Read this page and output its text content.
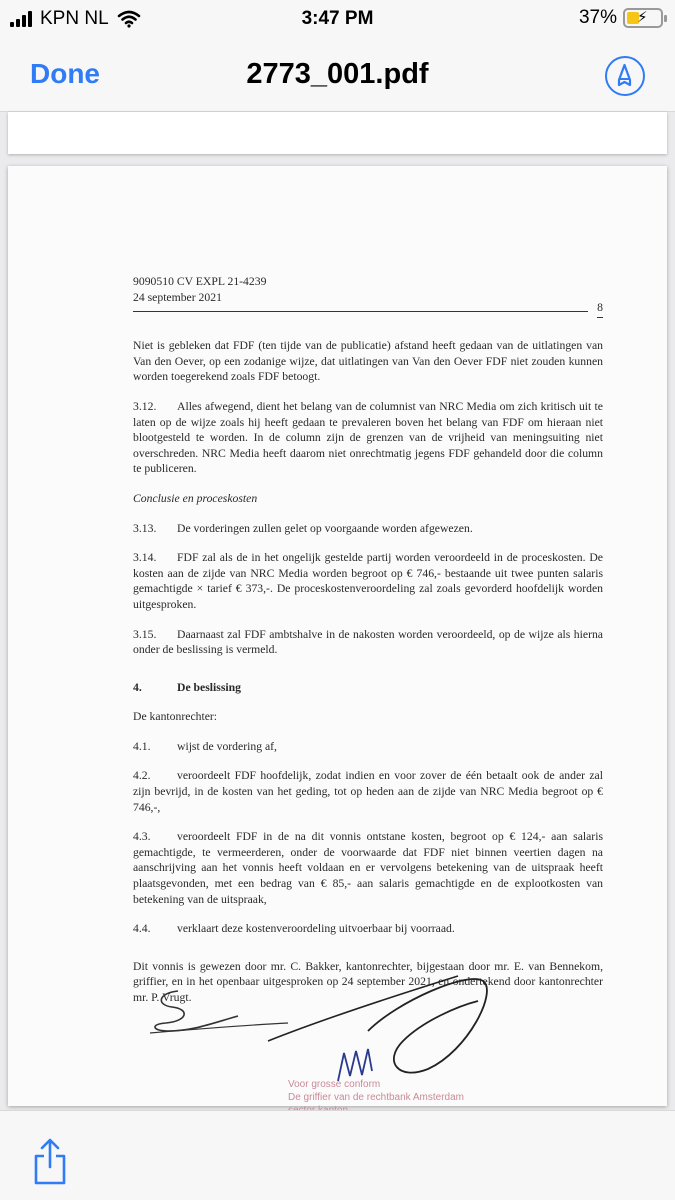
KPN NL	3:47 PM	37% ⚡
Done	2773_001.pdf
9090510 CV EXPL 21-4239
24 september 2021
8
Niet is gebleken dat FDF (ten tijde van de publicatie) afstand heeft gedaan van de uitlatingen van Van den Oever, op een zodanige wijze, dat uitlatingen van Van den Oever FDF niet zouden kunnen worden toegerekend zoals FDF betoogt.
3.12. Alles afwegend, dient het belang van de columnist van NRC Media om zich kritisch uit te laten op de wijze zoals hij heeft gedaan te prevaleren boven het belang van FDF om hieraan niet blootgesteld te worden. In de column zijn de grenzen van de vrijheid van meningsuiting niet overschreden. NRC Media heeft daarom niet onrechtmatig jegens FDF gehandeld door die column te publiceren.
Conclusie en proceskosten
3.13. De vorderingen zullen gelet op voorgaande worden afgewezen.
3.14. FDF zal als de in het ongelijk gestelde partij worden veroordeeld in de proceskosten. De kosten aan de zijde van NRC Media worden begroot op € 746,- bestaande uit twee punten salaris gemachtigde × tarief € 373,-. De proceskostenveroordeling zal zoals gevorderd hoofdelijk worden uitgesproken.
3.15. Daarnaast zal FDF ambtshalve in de nakosten worden veroordeeld, op de wijze als hierna onder de beslissing is vermeld.
4.	De beslissing
De kantonrechter:
4.1. wijst de vordering af,
4.2. veroordeelt FDF hoofdelijk, zodat indien en voor zover de één betaalt ook de ander zal zijn bevrijd, in de kosten van het geding, tot op heden aan de zijde van NRC Media begroot op € 746,-,
4.3. veroordeelt FDF in de na dit vonnis ontstane kosten, begroot op € 124,- aan salaris gemachtigde, te vermeerderen, onder de voorwaarde dat FDF niet binnen veertien dagen na aanschrijving aan het vonnis heeft voldaan en er vervolgens betekening van de uitspraak heeft plaatsgevonden, met een bedrag van € 85,- aan salaris gemachtigde en de explootkosten van betekening van de uitspraak,
4.4. verklaart deze kostenveroordeling uitvoerbaar bij voorraad.
Dit vonnis is gewezen door mr. C. Bakker, kantonrechter, bijgestaan door mr. E. van Bennekom, griffier, en in het openbaar uitgesproken op 24 september 2021, en ondertekend door kantonrechter mr. P. Vrugt.
Voor grosse conform
De griffier van de rechtbank Amsterdam
